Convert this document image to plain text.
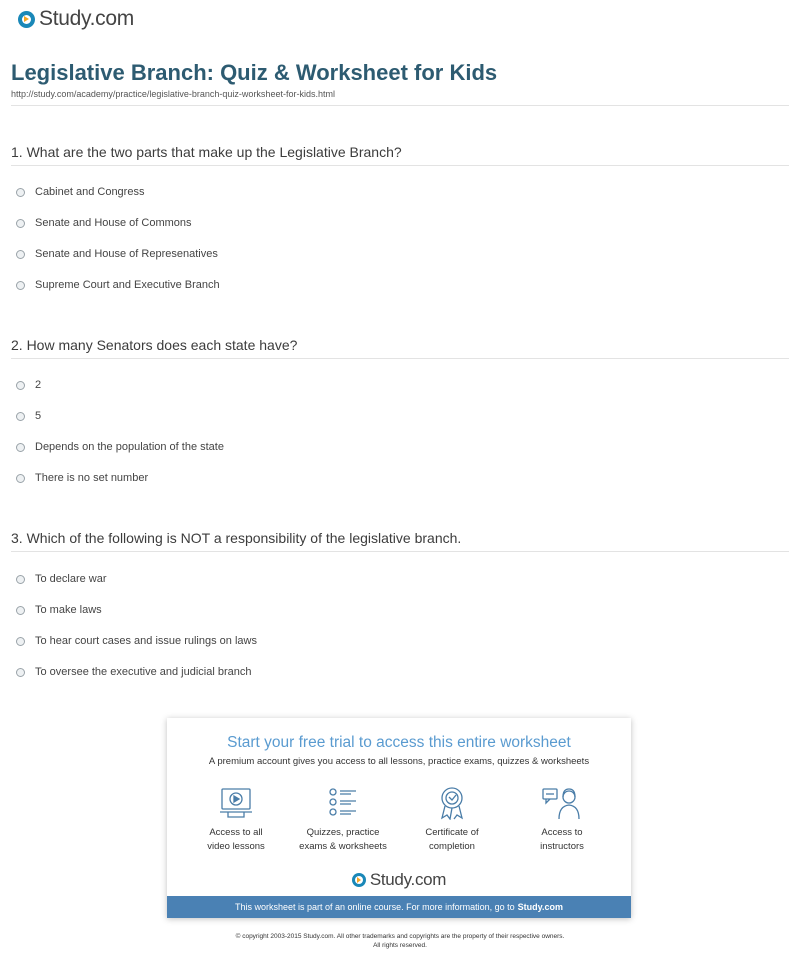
Study.com
Legislative Branch: Quiz & Worksheet for Kids
http://study.com/academy/practice/legislative-branch-quiz-worksheet-for-kids.html
1. What are the two parts that make up the Legislative Branch?
Cabinet and Congress
Senate and House of Commons
Senate and House of Represenatives
Supreme Court and Executive Branch
2. How many Senators does each state have?
2
5
Depends on the population of the state
There is no set number
3. Which of the following is NOT a responsibility of the legislative branch.
To declare war
To make laws
To hear court cases and issue rulings on laws
To oversee the executive and judicial branch
Start your free trial to access this entire worksheet
A premium account gives you access to all lessons, practice exams, quizzes & worksheets
Access to all
video lessons
Quizzes, practice
exams & worksheets
Certificate of
completion
Access to
instructors
Study.com
This worksheet is part of an online course. For more information, go to Study.com
© copyright 2003-2015 Study.com. All other trademarks and copyrights are the property of their respective owners.
All rights reserved.
